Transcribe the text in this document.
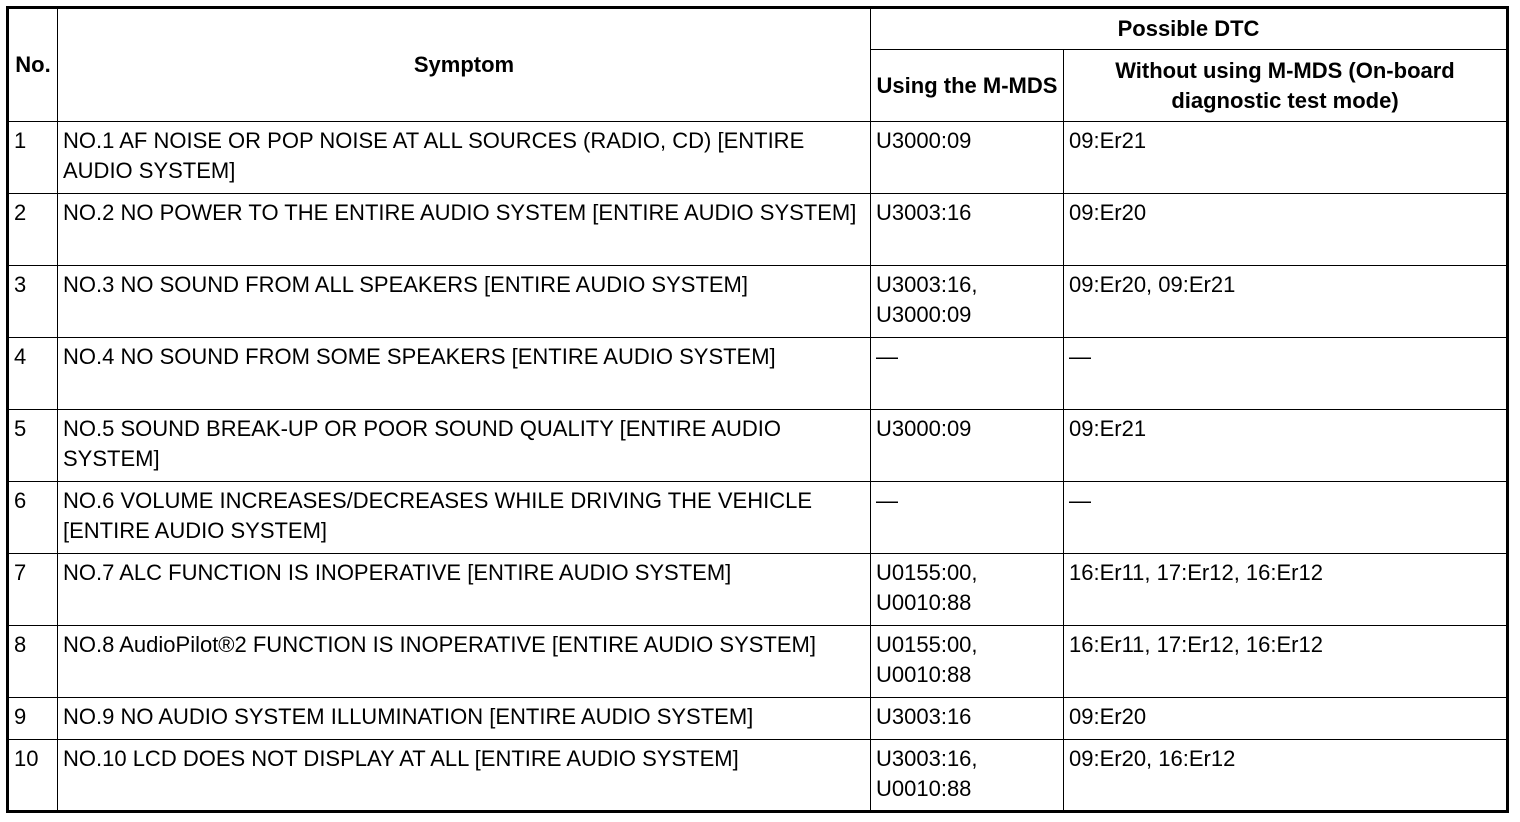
No.	Symptom	Possible DTC	
		Using the M-MDS	Without using M-MDS (On-board diagnostic test mode)
1	NO.1 AF NOISE OR POP NOISE AT ALL SOURCES (RADIO, CD) [ENTIRE AUDIO SYSTEM]	U3000:09	09:Er21
2	NO.2 NO POWER TO THE ENTIRE AUDIO SYSTEM [ENTIRE AUDIO SYSTEM]	U3003:16	09:Er20
3	NO.3 NO SOUND FROM ALL SPEAKERS [ENTIRE AUDIO SYSTEM]	U3003:16, U3000:09	09:Er20, 09:Er21
4	NO.4 NO SOUND FROM SOME SPEAKERS [ENTIRE AUDIO SYSTEM]	—	—
5	NO.5 SOUND BREAK-UP OR POOR SOUND QUALITY [ENTIRE AUDIO SYSTEM]	U3000:09	09:Er21
6	NO.6 VOLUME INCREASES/DECREASES WHILE DRIVING THE VEHICLE [ENTIRE AUDIO SYSTEM]	—	—
7	NO.7 ALC FUNCTION IS INOPERATIVE [ENTIRE AUDIO SYSTEM]	U0155:00, U0010:88	16:Er11, 17:Er12, 16:Er12
8	NO.8 AudioPilot®2 FUNCTION IS INOPERATIVE [ENTIRE AUDIO SYSTEM]	U0155:00, U0010:88	16:Er11, 17:Er12, 16:Er12
9	NO.9 NO AUDIO SYSTEM ILLUMINATION [ENTIRE AUDIO SYSTEM]	U3003:16	09:Er20
10	NO.10 LCD DOES NOT DISPLAY AT ALL [ENTIRE AUDIO SYSTEM]	U3003:16, U0010:88	09:Er20, 16:Er12
